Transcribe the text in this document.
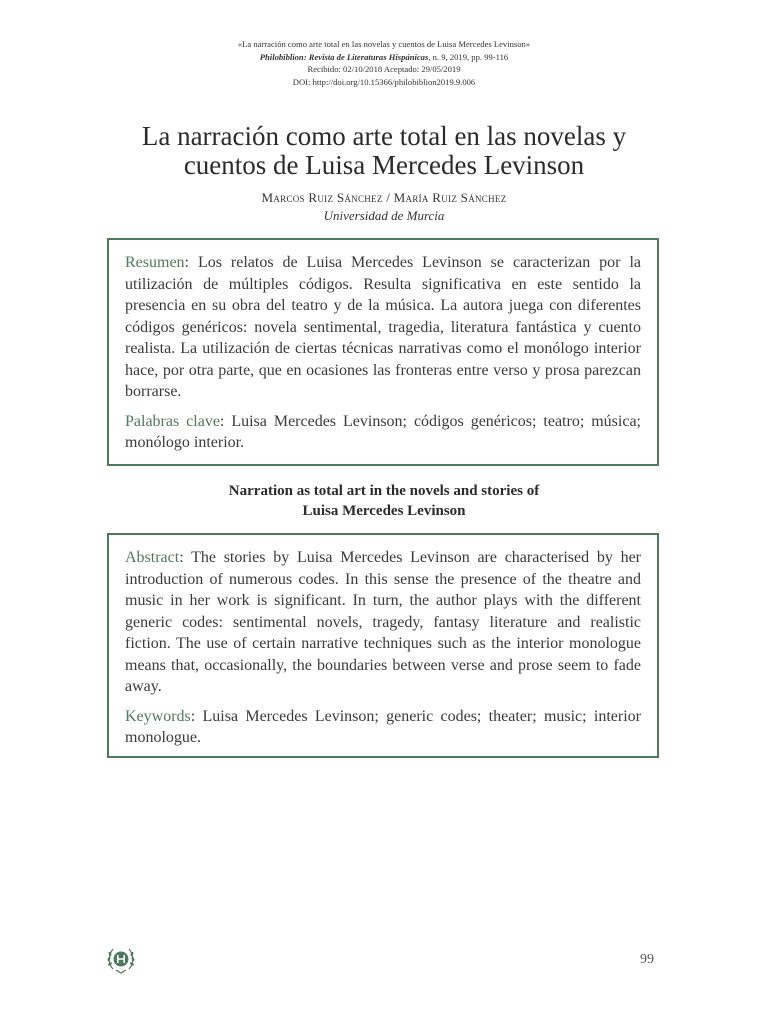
«La narración como arte total en las novelas y cuentos de Luisa Mercedes Levinson»
Philobiblion: Revista de Literaturas Hispánicas, n. 9, 2019, pp. 99-116
Recibido: 02/10/2018 Aceptado: 29/05/2019
DOI: http://doi.org/10.15366/philobiblion2019.9.006
La narración como arte total en las novelas y
cuentos de Luisa Mercedes Levinson
Marcos Ruiz Sánchez / María Ruiz Sánchez
Universidad de Murcia

Resumen: Los relatos de Luisa Mercedes Levinson se caracterizan por la utilización de múltiples códigos. Resulta significativa en este sentido la presencia en su obra del teatro y de la música. La autora juega con diferentes códigos genéricos: novela sentimental, tragedia, literatura fantástica y cuento realista. La utilización de ciertas técnicas narrativas como el monólogo interior hace, por otra parte, que en ocasiones las fronteras entre verso y prosa parezcan borrarse.

Palabras clave: Luisa Mercedes Levinson; códigos genéricos; teatro; música; monólogo interior.

Narration as total art in the novels and stories of
Luisa Mercedes Levinson

Abstract: The stories by Luisa Mercedes Levinson are characterised by her introduction of numerous codes. In this sense the presence of the theatre and music in her work is significant. In turn, the author plays with the different generic codes: sentimental novels, tragedy, fantasy literature and realistic fiction. The use of certain narrative techniques such as the interior monologue means that, occasionally, the boundaries between verse and prose seem to fade away.

Keywords: Luisa Mercedes Levinson; generic codes; theater; music; interior monologue.

99
